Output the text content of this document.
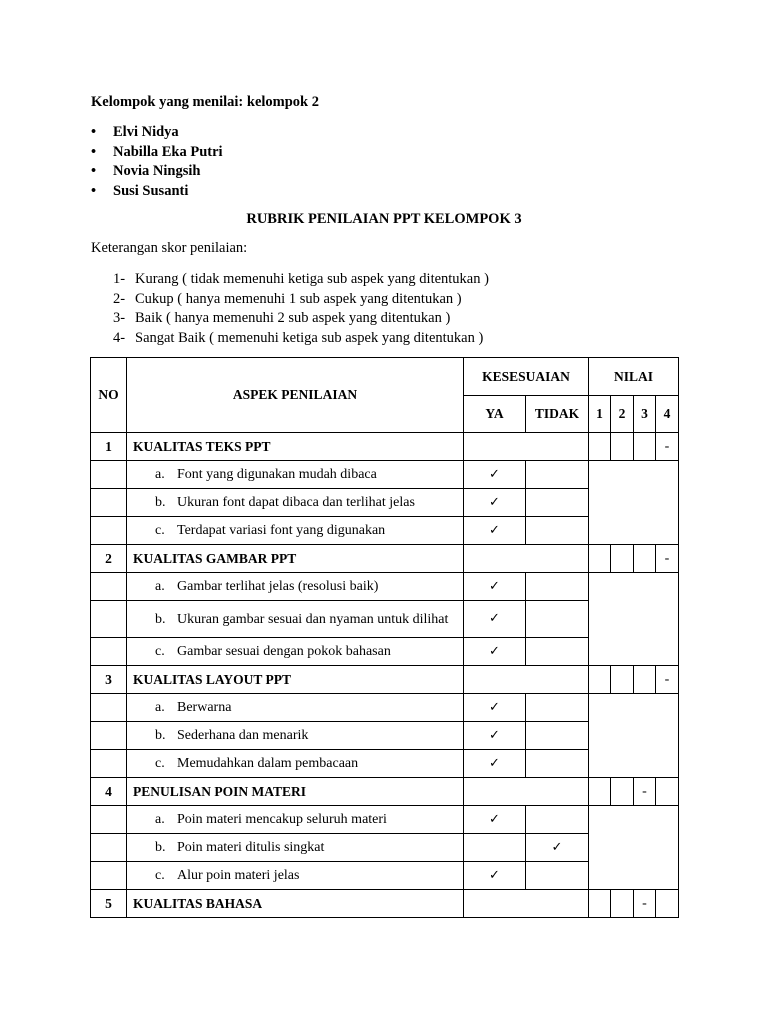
Kelompok yang menilai: kelompok 2
• Elvi Nidya
• Nabilla Eka Putri
• Novia Ningsih
• Susi Susanti
RUBRIK PENILAIAN PPT KELOMPOK 3
Keterangan skor penilaian:
1- Kurang ( tidak memenuhi ketiga sub aspek yang ditentukan )
2- Cukup ( hanya memenuhi 1 sub aspek yang ditentukan )
3- Baik ( hanya memenuhi 2 sub aspek yang ditentukan )
4- Sangat Baik ( memenuhi ketiga sub aspek yang ditentukan )
NO	ASPEK PENILAIAN	KESESUAIAN		NILAI			
		YA	TIDAK	1	2	3	4
1	KUALITAS TEKS PPT						-

	a. Font yang digunakan mudah dibaca	✓					

	b. Ukuran font dapat dibaca dan terlihat jelas	✓					

	c. Terdapat variasi font yang digunakan	✓					
2	KUALITAS GAMBAR PPT						-

	a. Gambar terlihat jelas (resolusi baik)	✓					

	b. Ukuran gambar sesuai dan nyaman untuk dilihat	✓					

	c. Gambar sesuai dengan pokok bahasan	✓					
3	KUALITAS LAYOUT PPT						-

	a. Berwarna	✓					

	b. Sederhana dan menarik	✓					

	c. Memudahkan dalam pembacaan	✓					
4	PENULISAN POIN MATERI					-	

	a. Poin materi mencakup seluruh materi	✓					

	b. Poin materi ditulis singkat		✓				

	c. Alur poin materi jelas	✓					
5	KUALITAS BAHASA					-	
